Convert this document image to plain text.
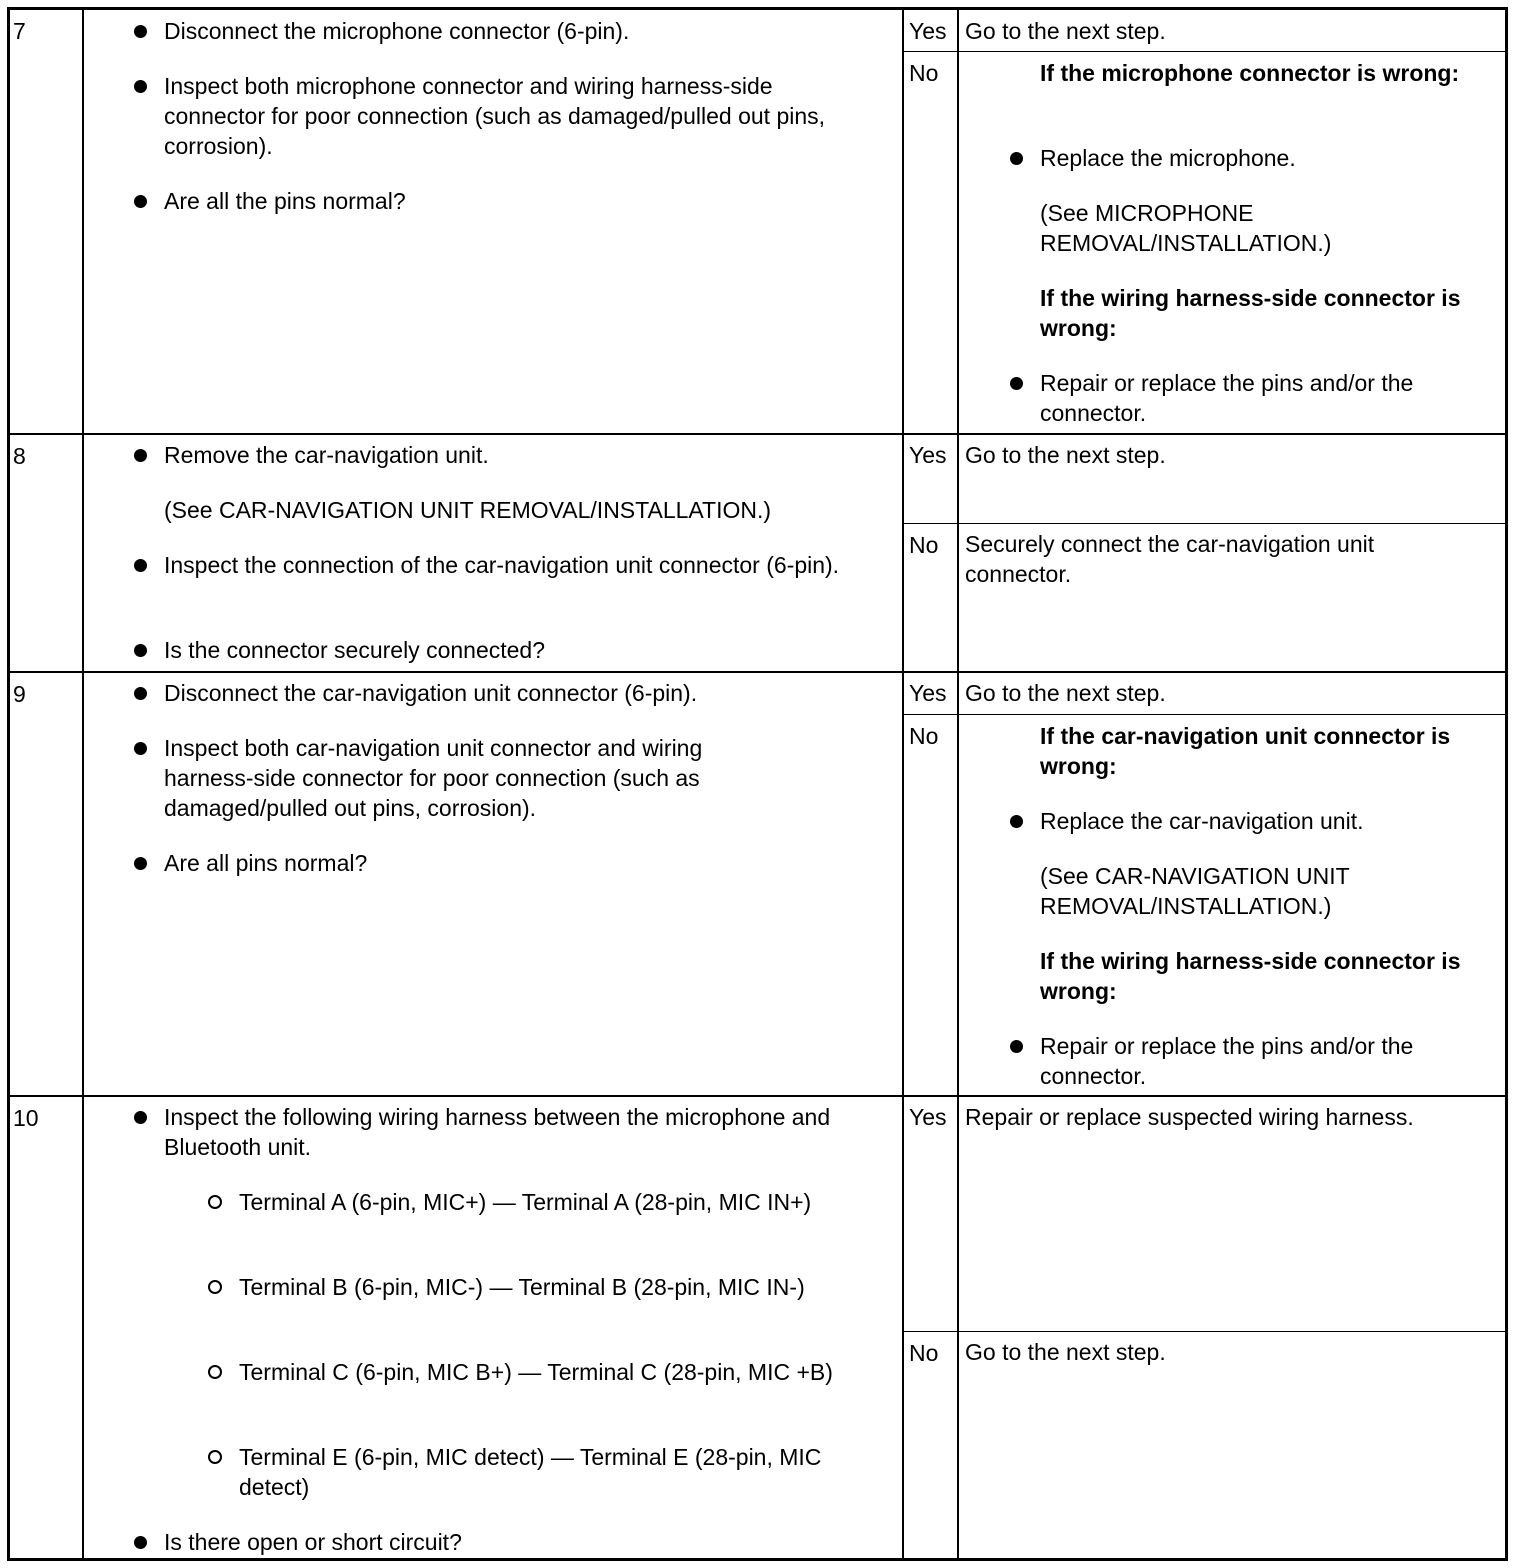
7	Disconnect the microphone connector (6-pin).
Inspect both microphone connector and wiring harness-side connector for poor connection (such as damaged/pulled out pins, corrosion).
Are all the pins normal?
Yes Go to the next step.
No	If the microphone connector is wrong:
Replace the microphone.
(See MICROPHONE REMOVAL/INSTALLATION.)
If the wiring harness-side connector is wrong:
Repair or replace the pins and/or the connector.
8	Remove the car-navigation unit.
(See CAR-NAVIGATION UNIT REMOVAL/INSTALLATION.)
Inspect the connection of the car-navigation unit connector (6-pin).
Is the connector securely connected?
Yes Go to the next step.
No	Securely connect the car-navigation unit connector.
9	Disconnect the car-navigation unit connector (6-pin).
Inspect both car-navigation unit connector and wiring harness-side connector for poor connection (such as damaged/pulled out pins, corrosion).
Are all pins normal?
Yes Go to the next step.
No	If the car-navigation unit connector is wrong:
Replace the car-navigation unit.
(See CAR-NAVIGATION UNIT REMOVAL/INSTALLATION.)
If the wiring harness-side connector is wrong:
Repair or replace the pins and/or the connector.
10	Inspect the following wiring harness between the microphone and Bluetooth unit.
Terminal A (6-pin, MIC+) — Terminal A (28-pin, MIC IN+)
Terminal B (6-pin, MIC-) — Terminal B (28-pin, MIC IN-)
Terminal C (6-pin, MIC B+) — Terminal C (28-pin, MIC +B)
Terminal E (6-pin, MIC detect) — Terminal E (28-pin, MIC detect)
Is there open or short circuit?
Yes Repair or replace suspected wiring harness.
No	Go to the next step.
